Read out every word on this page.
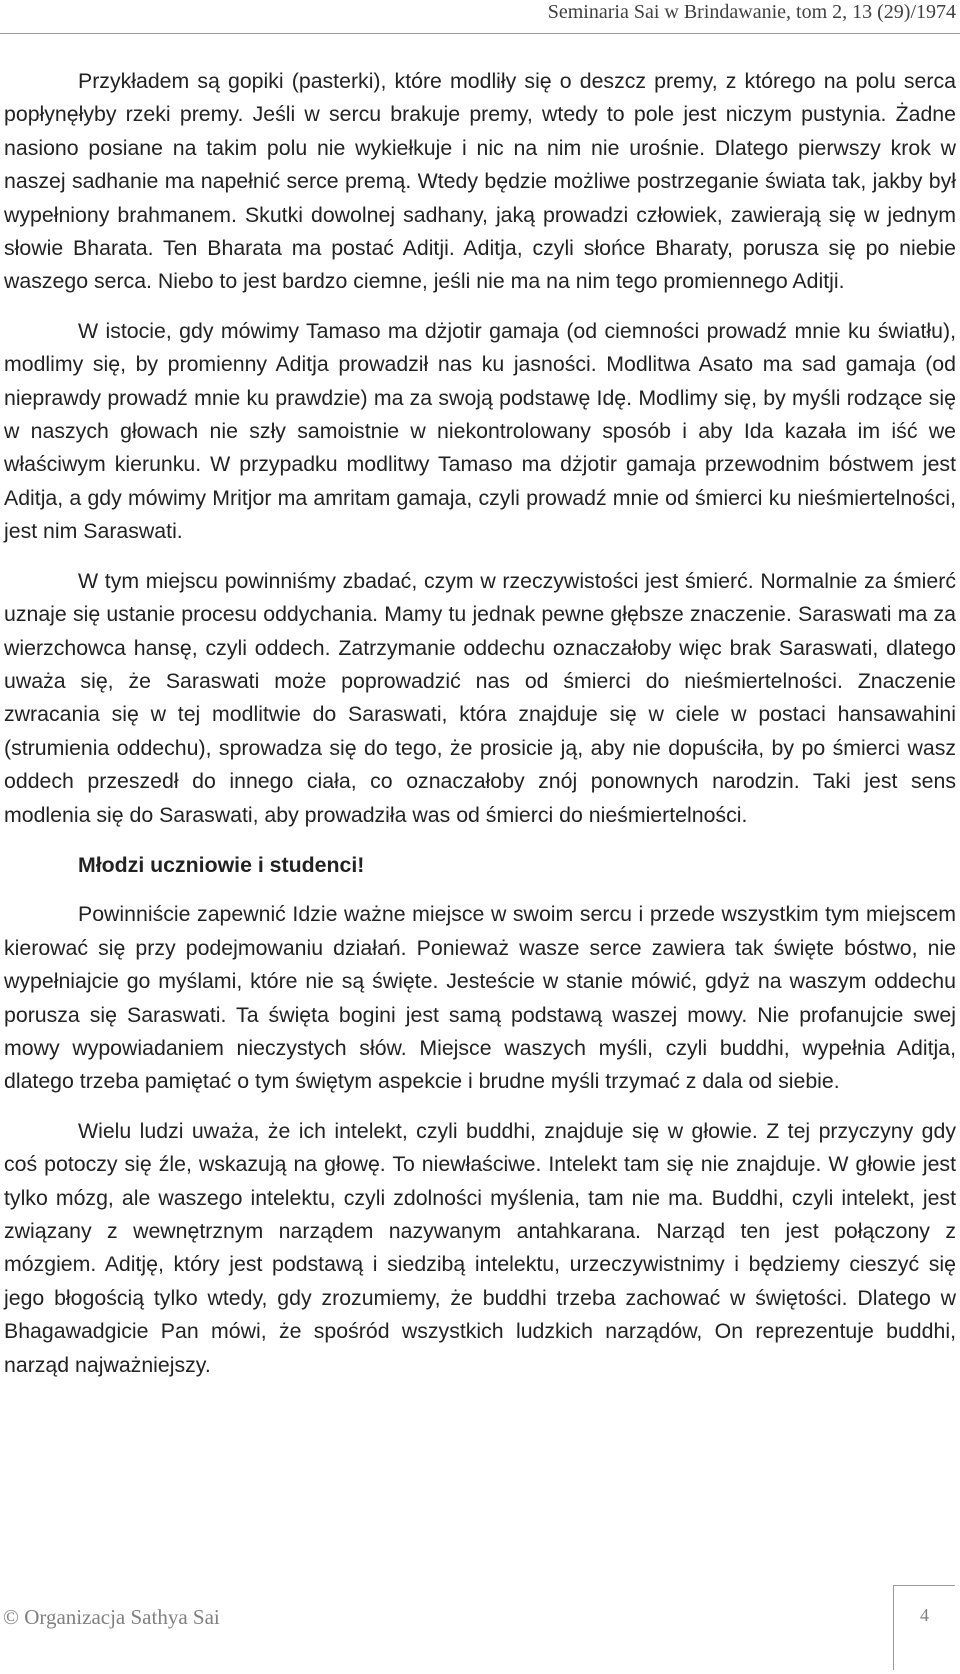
Seminaria Sai w Brindawanie, tom 2, 13 (29)/1974

Przykładem są gopiki (pasterki), które modliły się o deszcz premy, z którego na polu serca popłynęłyby rzeki premy. Jeśli w sercu brakuje premy, wtedy to pole jest niczym pustynia. Żadne nasiono posiane na takim polu nie wykiełkuje i nic na nim nie urośnie. Dlatego pierwszy krok w naszej sadhanie ma napełnić serce premą. Wtedy będzie możliwe postrzeganie świata tak, jakby był wypełniony brahmanem. Skutki dowolnej sadhany, jaką prowadzi człowiek, zawierają się w jednym słowie Bharata. Ten Bharata ma postać Aditji. Aditja, czyli słońce Bharaty, porusza się po niebie waszego serca. Niebo to jest bardzo ciemne, jeśli nie ma na nim tego promiennego Aditji.

W istocie, gdy mówimy Tamaso ma dżjotir gamaja (od ciemności prowadź mnie ku światłu), modlimy się, by promienny Aditja prowadził nas ku jasności. Modlitwa Asato ma sad gamaja (od nieprawdy prowadź mnie ku prawdzie) ma za swoją podstawę Idę. Modlimy się, by myśli rodzące się w naszych głowach nie szły samoistnie w niekontrolowany sposób i aby Ida kazała im iść we właściwym kierunku. W przypadku modlitwy Tamaso ma dżjotir gamaja przewodnim bóstwem jest Aditja, a gdy mówimy Mritjor ma amritam gamaja, czyli prowadź mnie od śmierci ku nieśmiertelności, jest nim Saraswati.

W tym miejscu powinniśmy zbadać, czym w rzeczywistości jest śmierć. Normalnie za śmierć uznaje się ustanie procesu oddychania. Mamy tu jednak pewne głębsze znaczenie. Saraswati ma za wierzchowca hansę, czyli oddech. Zatrzymanie oddechu oznaczałoby więc brak Saraswati, dlatego uważa się, że Saraswati może poprowadzić nas od śmierci do nieśmiertelności. Znaczenie zwracania się w tej modlitwie do Saraswati, która znajduje się w ciele w postaci hansawahini (strumienia oddechu), sprowadza się do tego, że prosicie ją, aby nie dopuściła, by po śmierci wasz oddech przeszedł do innego ciała, co oznaczałoby znój ponownych narodzin. Taki jest sens modlenia się do Saraswati, aby prowadziła was od śmierci do nieśmiertelności.

Młodzi uczniowie i studenci!

Powinniście zapewnić Idzie ważne miejsce w swoim sercu i przede wszystkim tym miejscem kierować się przy podejmowaniu działań. Ponieważ wasze serce zawiera tak święte bóstwo, nie wypełniajcie go myślami, które nie są święte. Jesteście w stanie mówić, gdyż na waszym oddechu porusza się Saraswati. Ta święta bogini jest samą podstawą waszej mowy. Nie profanujcie swej mowy wypowiadaniem nieczystych słów. Miejsce waszych myśli, czyli buddhi, wypełnia Aditja, dlatego trzeba pamiętać o tym świętym aspekcie i brudne myśli trzymać z dala od siebie.

Wielu ludzi uważa, że ich intelekt, czyli buddhi, znajduje się w głowie. Z tej przyczyny gdy coś potoczy się źle, wskazują na głowę. To niewłaściwe. Intelekt tam się nie znajduje. W głowie jest tylko mózg, ale waszego intelektu, czyli zdolności myślenia, tam nie ma. Buddhi, czyli intelekt, jest związany z wewnętrznym narządem nazywanym antahkarana. Narząd ten jest połączony z mózgiem. Aditję, który jest podstawą i siedzibą intelektu, urzeczywistnimy i będziemy cieszyć się jego błogością tylko wtedy, gdy zrozumiemy, że buddhi trzeba zachować w świętości. Dlatego w Bhagawadgicie Pan mówi, że spośród wszystkich ludzkich narządów, On reprezentuje buddhi, narząd najważniejszy.

© Organizacja Sathya Sai	4
